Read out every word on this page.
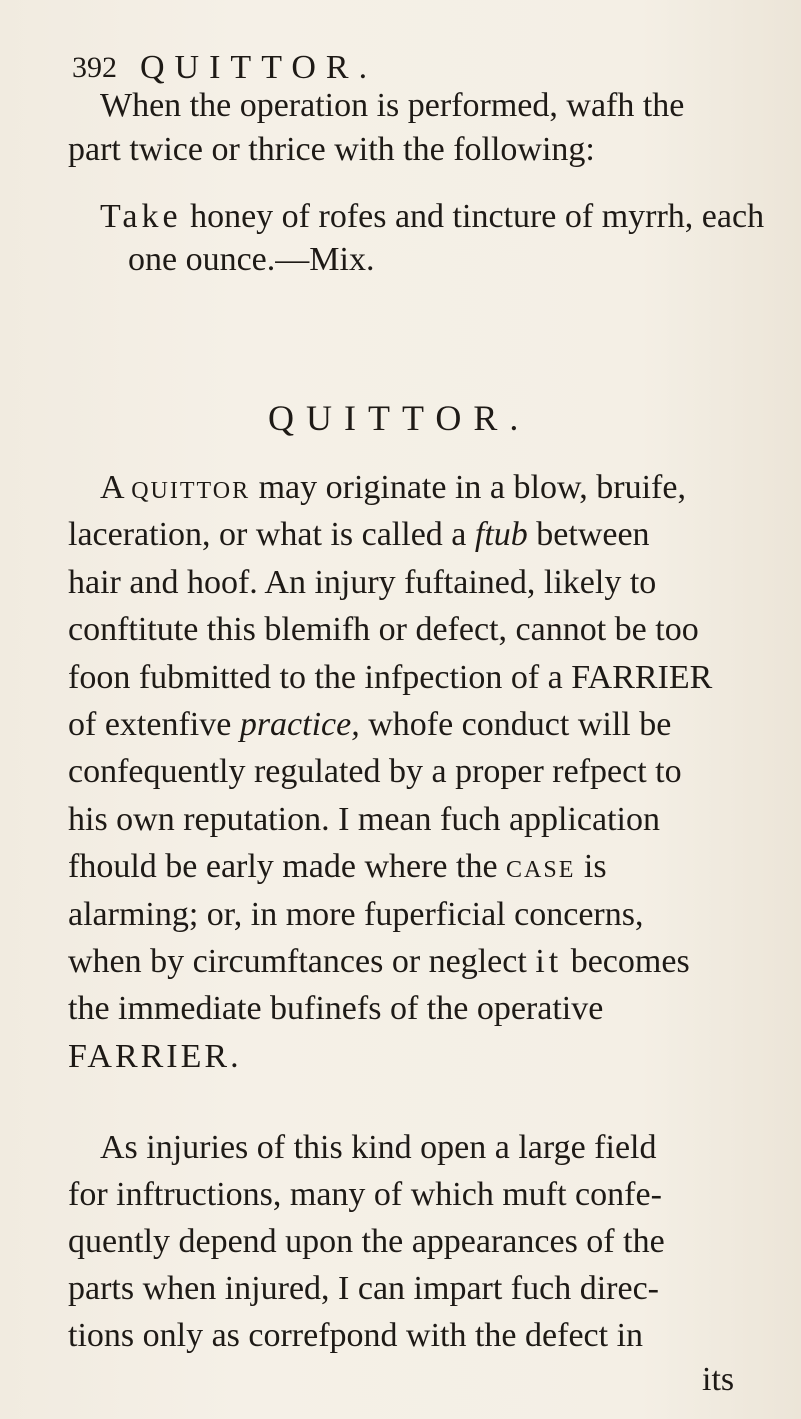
392 QUITTOR.
When the operation is performed, wafh the
part twice or thrice with the following:
Take honey of rofes and tincture of myrrh, each
one ounce.—Mix.
QUITTOR.
A quittor may originate in a blow, bruife,
laceration, or what is called a ftub between
hair and hoof. An injury fuftained, likely to
conftitute this blemifh or defect, cannot be too
foon fubmitted to the infpection of a FARRIER
of extenfive practice, whofe conduct will be
confequently regulated by a proper refpect to
his own reputation. I mean fuch application
fhould be early made where the case is
alarming; or, in more fuperficial concerns,
when by circumftances or neglect it becomes
the immediate bufinefs of the operative
FARRIER.
As injuries of this kind open a large field
for inftructions, many of which muft confe-
quently depend upon the appearances of the
parts when injured, I can impart fuch direc-
tions only as correfpond with the defect in
its
